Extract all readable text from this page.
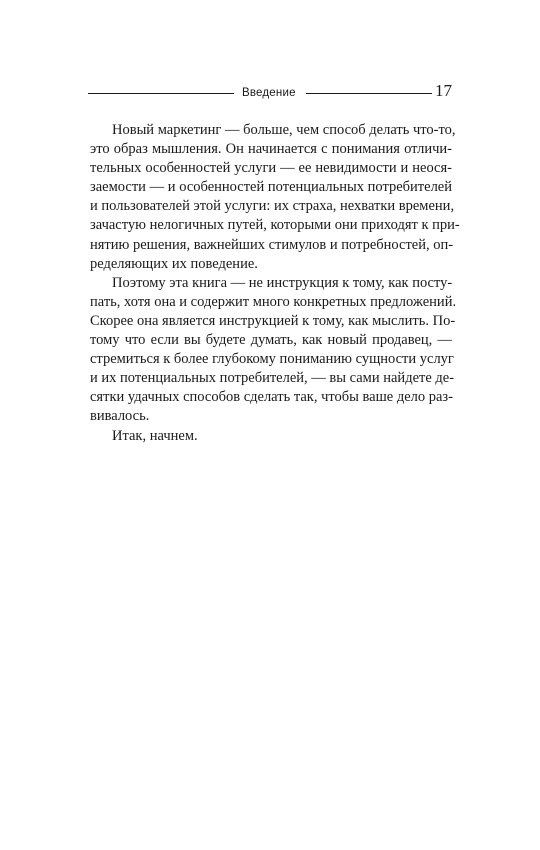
Введение	17

Новый маркетинг — больше, чем способ делать что-то,
это образ мышления. Он начинается с понимания отличи-
тельных особенностей услуги — ее невидимости и неося-
заемости — и особенностей потенциальных потребителей
и пользователей этой услуги: их страха, нехватки времени,
зачастую нелогичных путей, которыми они приходят к при-
нятию решения, важнейших стимулов и потребностей, оп-
ределяющих их поведение.

Поэтому эта книга — не инструкция к тому, как посту-
пать, хотя она и содержит много конкретных предложений.
Скорее она является инструкцией к тому, как мыслить. По-
тому что если вы будете думать, как новый продавец, —
стремиться к более глубокому пониманию сущности услуг
и их потенциальных потребителей, — вы сами найдете де-
сятки удачных способов сделать так, чтобы ваше дело раз-
вивалось.

Итак, начнем.
